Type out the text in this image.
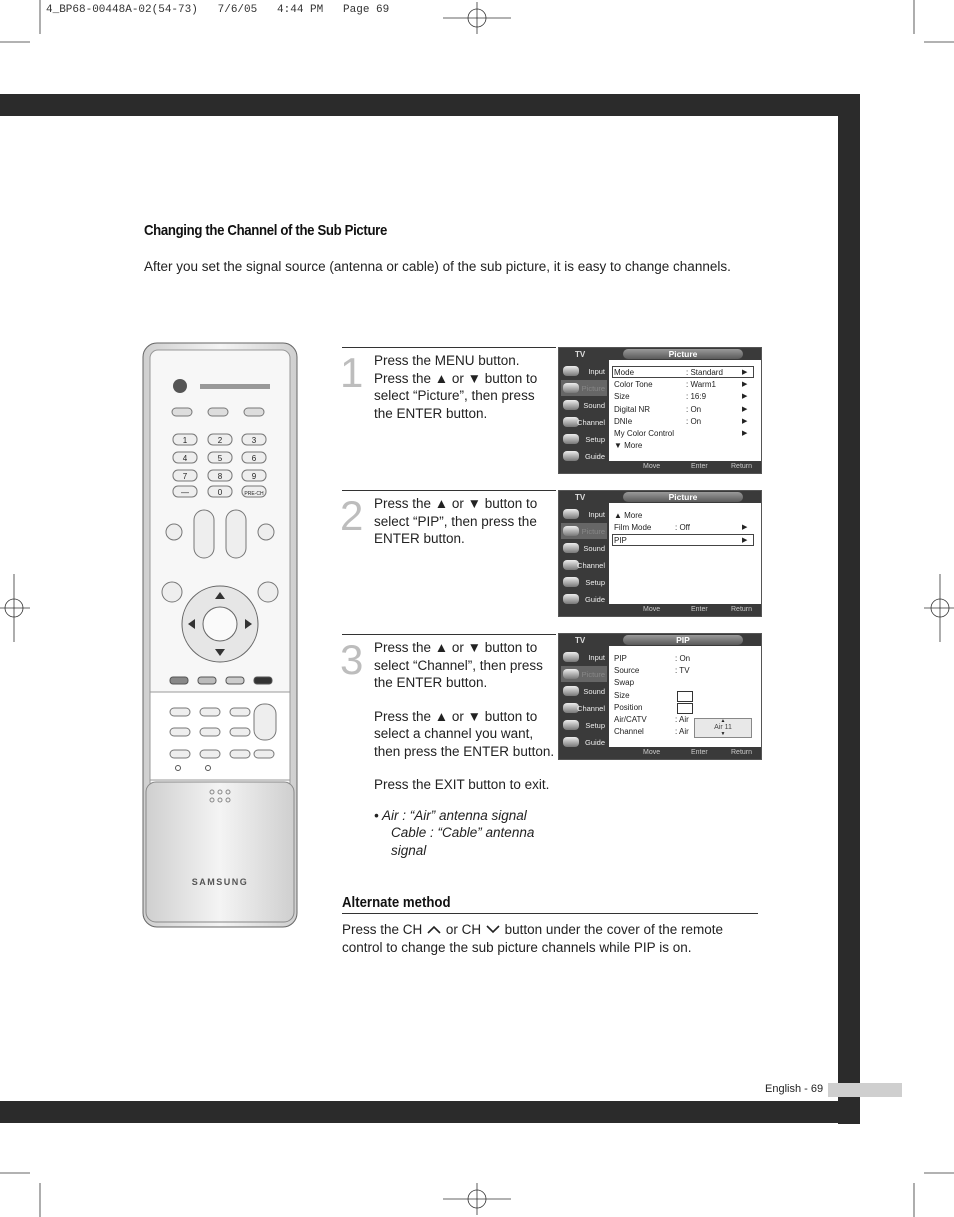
4_BP68-00448A-02(54-73)   7/6/05   4:44 PM   Page 69
Changing the Channel of the Sub Picture
After you set the signal source (antenna or cable) of the sub picture, it is easy to change channels.
1	2	3
4	5	6
7	8	9
—	0	PRE-CH
SAMSUNG
1 Press the MENU button.
Press the ▲ or ▼ button to
select “Picture”, then press
the ENTER button.
2 Press the ▲ or ▼ button to
select “PIP”, then press the
ENTER button.
3 Press the ▲ or ▼ button to
select “Channel”, then press
the ENTER button.
Press the ▲ or ▼ button to
select a channel you want,
then press the ENTER button.
Press the EXIT button to exit.
• Air : “Air” antenna signal
Cable : “Cable” antenna signal
TV	Picture
Input
Picture
Sound
Channel
Setup
Guide
Mode	: Standard	▶
Color Tone	: Warm1	▶
Size	: 16:9	▶
Digital NR	: On	▶
DNIe	: On	▶
My Color Control	▶
▼ More
Move	Enter	Return
TV	Picture
Input
Picture
Sound
Channel
Setup
Guide
▲ More
Film Mode	: Off	▶
PIP	▶
Move	Enter	Return
TV	PIP
Input
Picture
Sound
Channel
Setup
Guide
PIP	: On
Source	: TV
Swap
Size
Position
Air/CATV	: Air
Channel	: Air
▲
Air 11
▼
Move	Enter	Return
Alternate method
Press the CH or CH button under the cover of the remote control to change the sub picture channels while PIP is on.
English - 69
